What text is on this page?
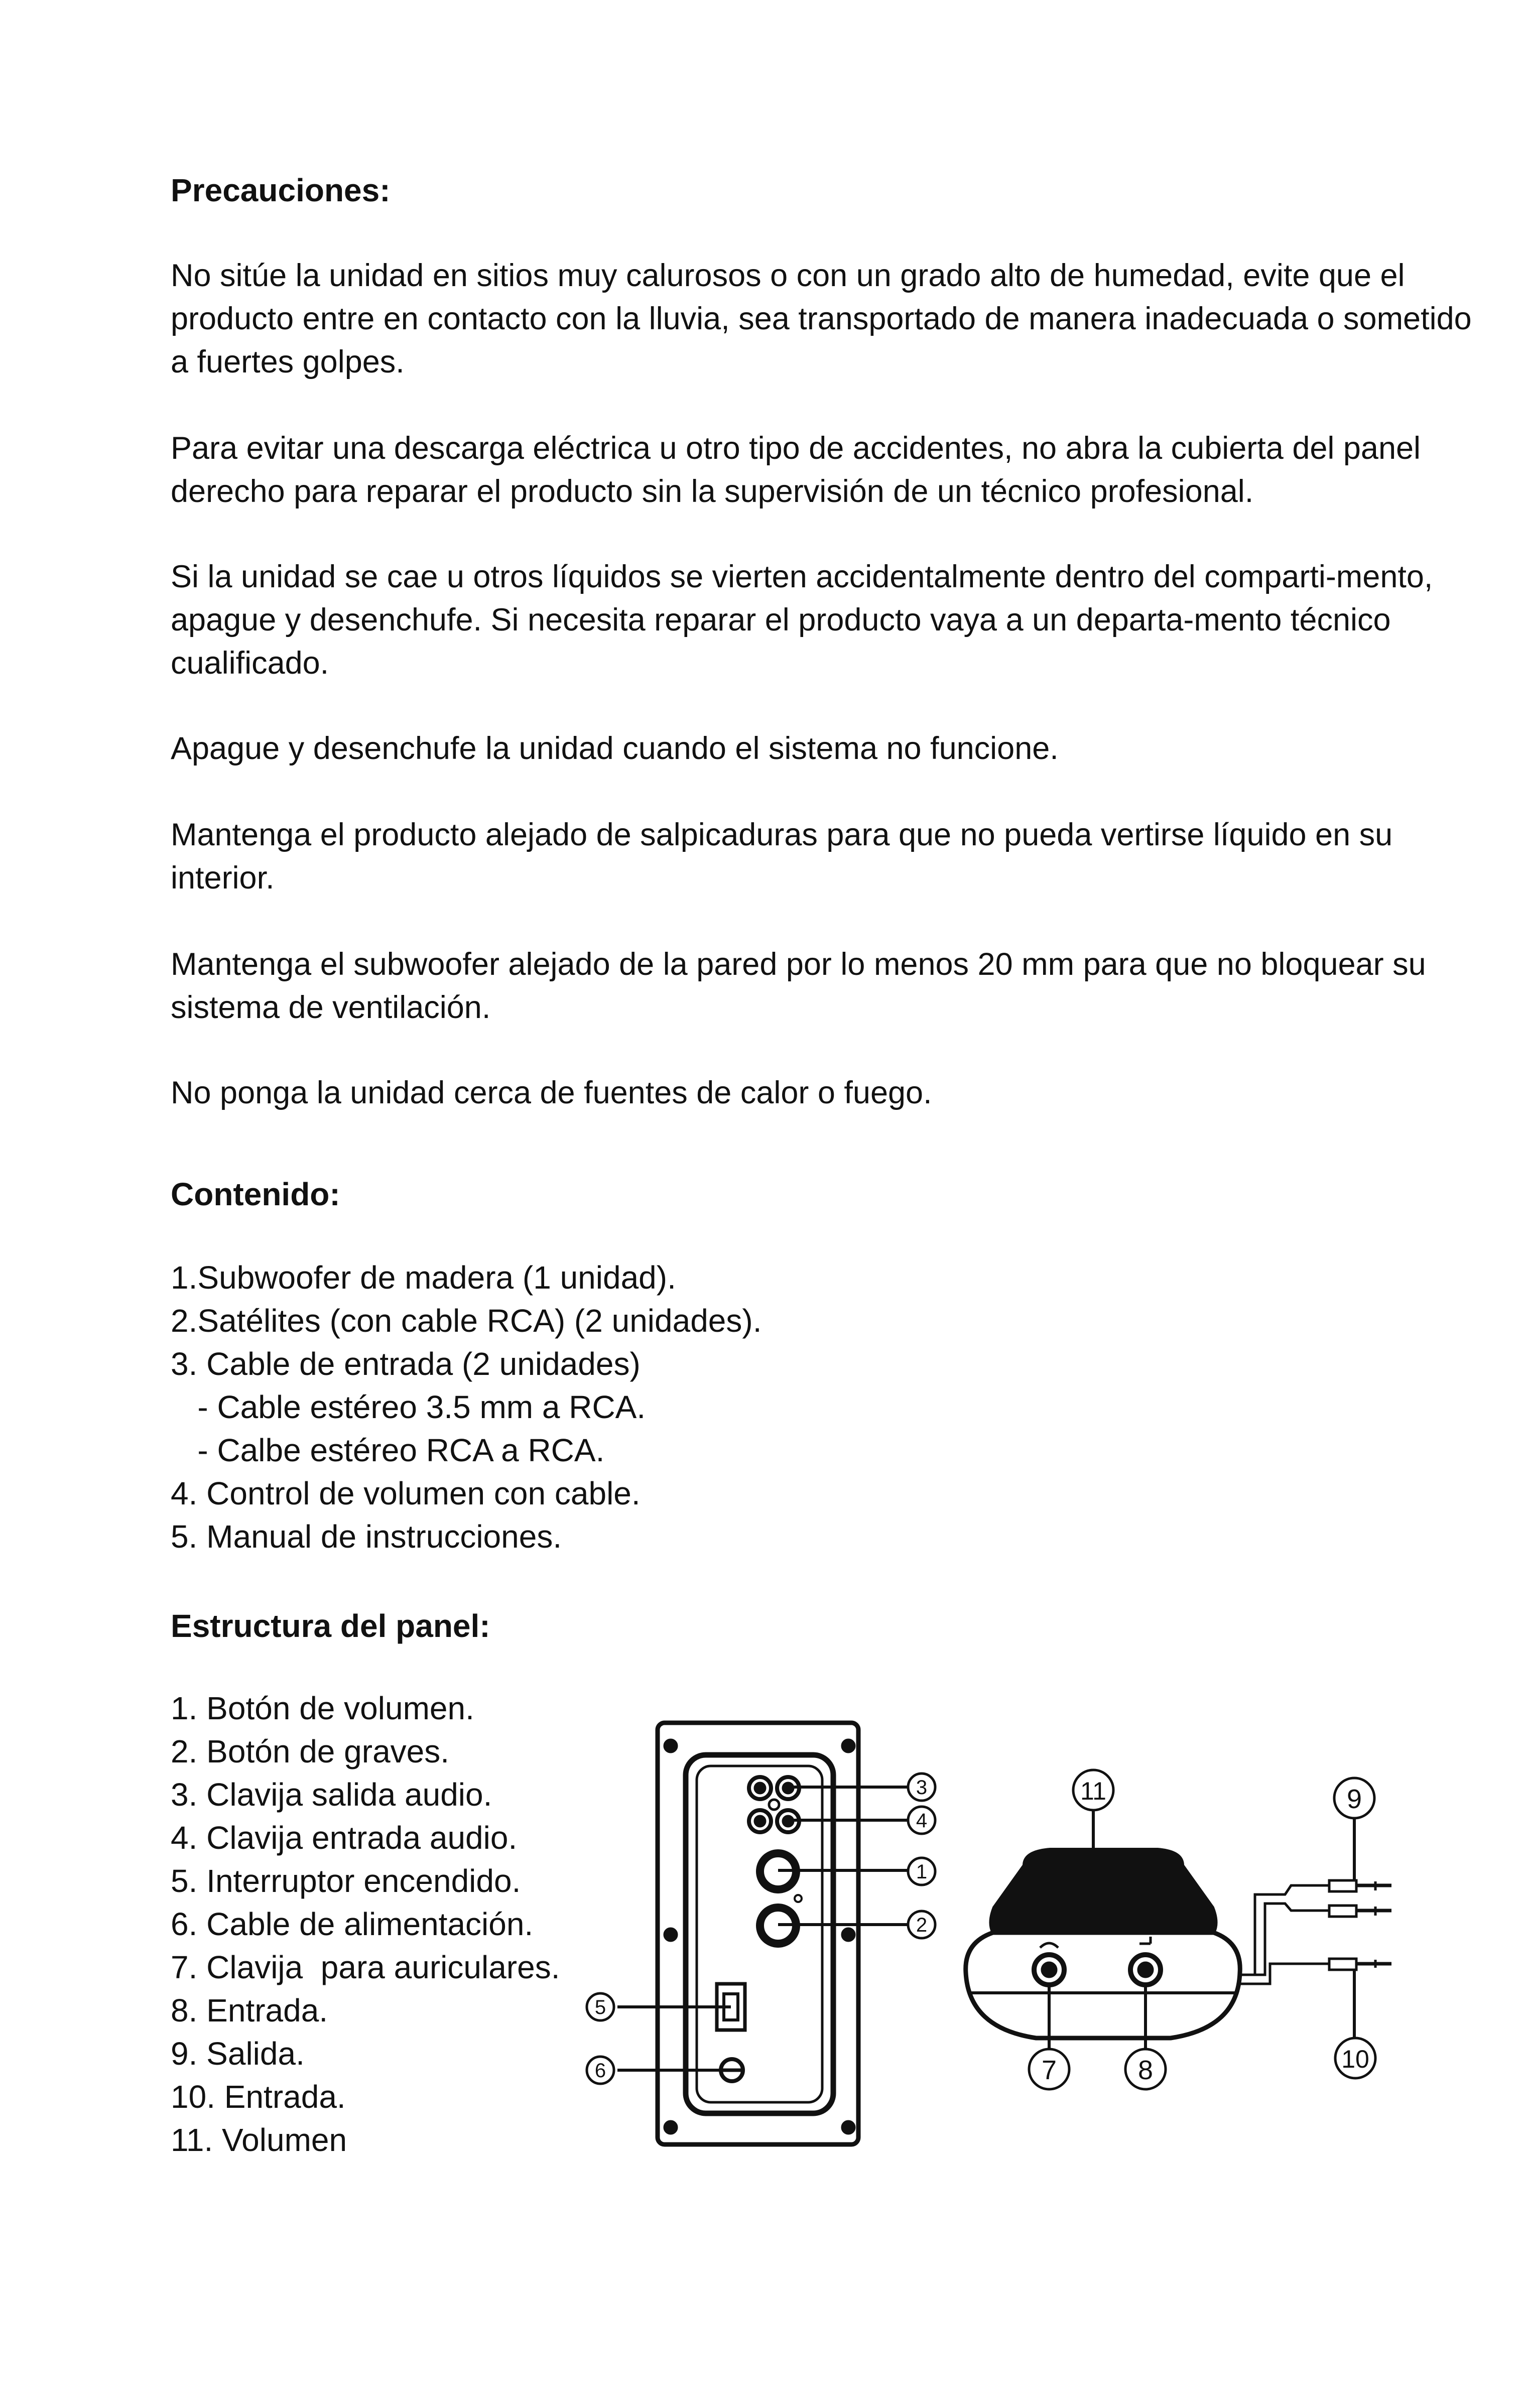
Precauciones:

No sitúe la unidad en sitios muy calurosos o con un grado alto de humedad, evite que el producto entre en contacto con la lluvia, sea transportado de manera inadecuada o sometido a fuertes golpes.

Para evitar una descarga eléctrica u otro tipo de accidentes, no abra la cubierta del panel derecho para reparar el producto sin la supervisión de un técnico profesional.

Si la unidad se cae u otros líquidos se vierten accidentalmente dentro del comparti-mento, apague y desenchufe. Si necesita reparar el producto vaya a un departa-mento técnico cualificado.

Apague y desenchufe la unidad cuando el sistema no funcione.

Mantenga el producto alejado de salpicaduras para que no pueda vertirse líquido en su interior.

Mantenga el subwoofer alejado de la pared por lo menos 20 mm para que no bloquear su sistema de ventilación.

No ponga la unidad cerca de fuentes de calor o fuego.

Contenido:
1.Subwoofer de madera (1 unidad).
2.Satélites (con cable RCA) (2 unidades).
3. Cable de entrada (2 unidades)
- Cable estéreo 3.5 mm a RCA.
- Calbe estéreo RCA a RCA.
4. Control de volumen con cable.
5. Manual de instrucciones.
Estructura del panel:
1. Botón de volumen.
2. Botón de graves.
3. Clavija salida audio.
4. Clavija entrada audio.
5. Interruptor encendido.
6. Cable de alimentación.
7. Clavija  para auriculares.
8. Entrada.
9. Salida.
10. Entrada.
11. Volumen
3
4
1
2
5
6	7	8
9
10
11
